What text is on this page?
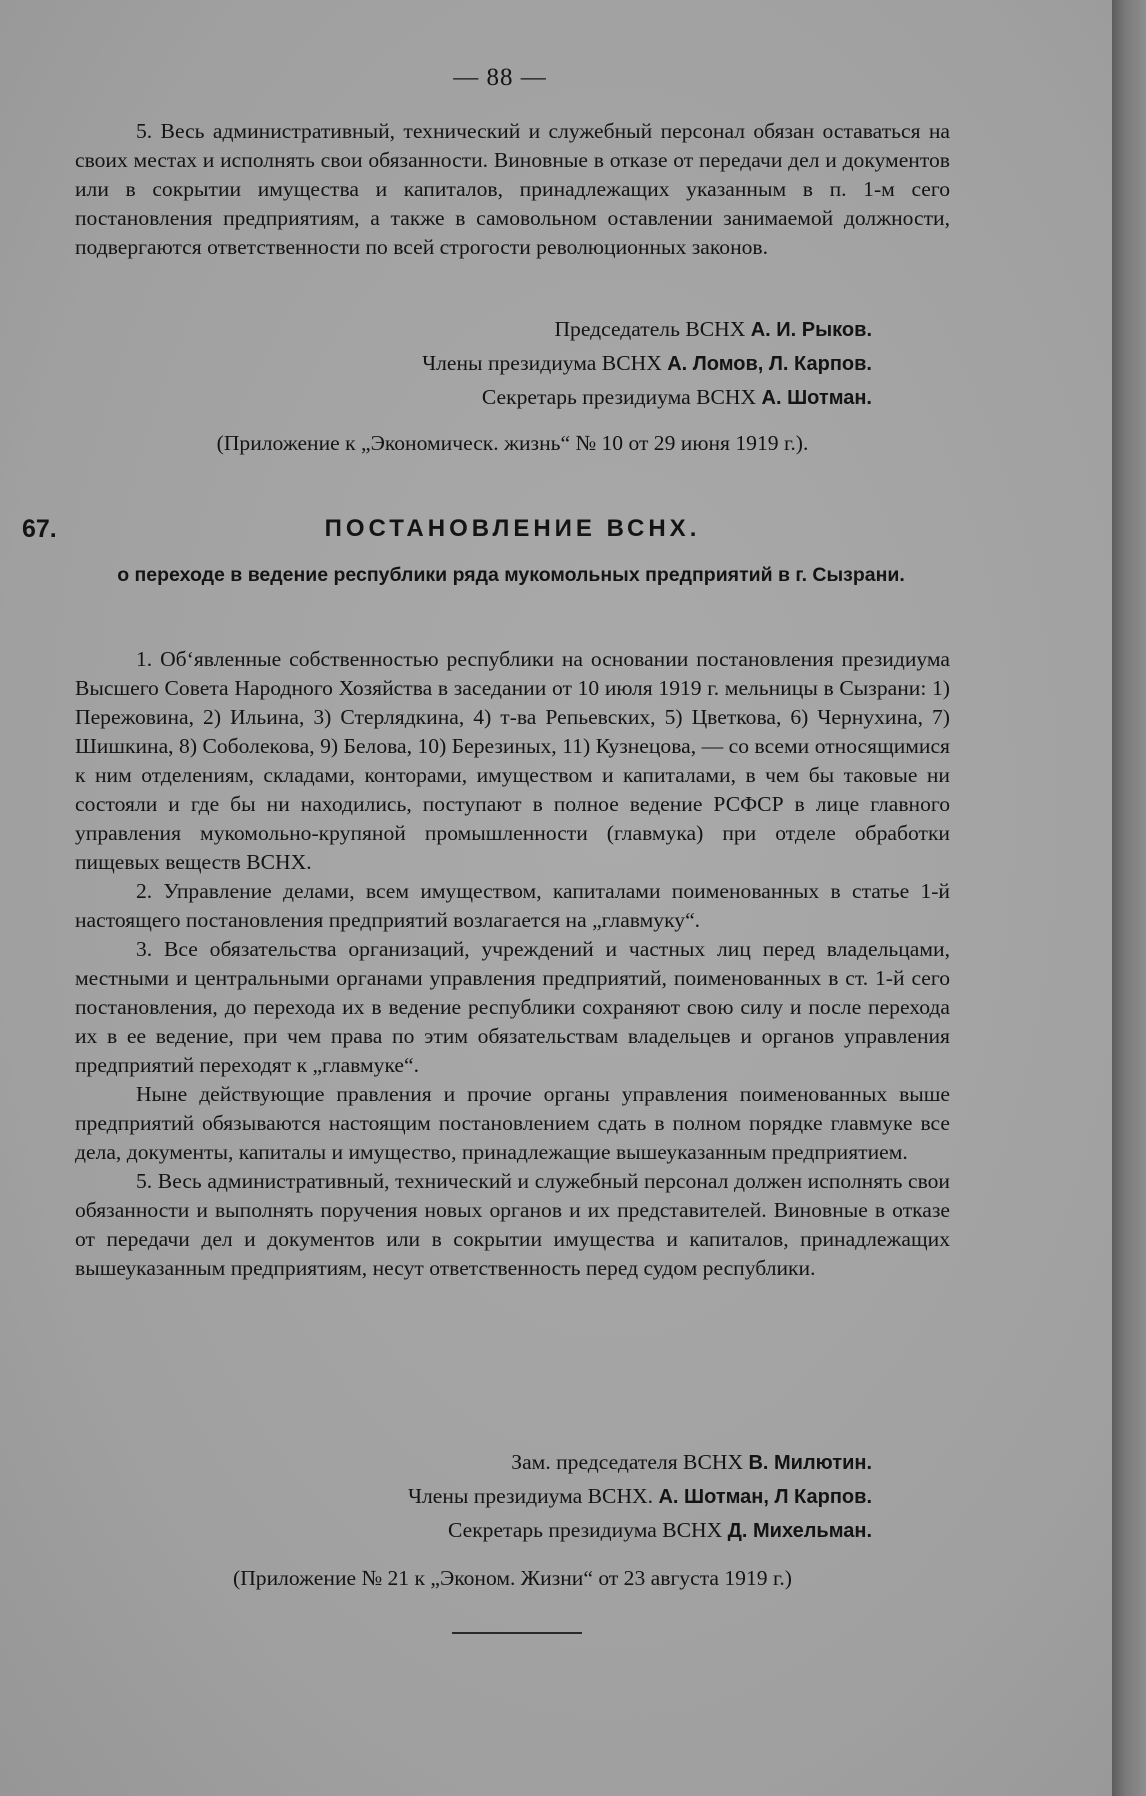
— 88 —

5. Весь административный, технический и служебный персонал обязан оставаться на своих местах и исполнять свои обязанности. Виновные в отказе от передачи дел и документов или в сокрытии имущества и капиталов, принадлежащих указанным в п. 1-м сего постановления предприятиям, а также в самовольном оставлении занимаемой должности, подвергаются ответственности по всей строгости революционных законов.

Председатель ВСНХ А. И. Рыков.

Члены президиума ВСНХ А. Ломов, Л. Карпов.

Секретарь президиума ВСНХ А. Шотман.

(Приложение к „Экономическ. жизнь“ № 10 от 29 июня 1919 г.).

67.	ПОСТАНОВЛЕНИЕ ВСНХ.
о переходе в ведение республики ряда мукомольных предприятий в г. Сызрани.

1. Об‘явленные собственностью республики на основании постановления президиума Высшего Совета Народного Хозяйства в заседании от 10 июля 1919 г. мельницы в Сызрани: 1) Пережовина, 2) Ильина, 3) Стерлядкина, 4) т-ва Репьевских, 5) Цветкова, 6) Чернухина, 7) Шишкина, 8) Соболекова, 9) Белова, 10) Березиных, 11) Кузнецова, — со всеми относящимися к ним отделениям, складами, конторами, имуществом и капиталами, в чем бы таковые ни состояли и где бы ни находились, поступают в полное ведение РСФСР в лице главного управления мукомольно-крупяной промышленности (главмука) при отделе обработки пищевых веществ ВСНХ.

2. Управление делами, всем имуществом, капиталами поименованных в статье 1-й настоящего постановления предприятий возлагается на „главмуку“.

3. Все обязательства организаций, учреждений и частных лиц перед владельцами, местными и центральными органами управления предприятий, поименованных в ст. 1-й сего постановления, до перехода их в ведение республики сохраняют свою силу и после перехода их в ее ведение, при чем права по этим обязательствам владельцев и органов управления предприятий переходят к „главмуке“.

Ныне действующие правления и прочие органы управления поименованных выше предприятий обязываются настоящим постановлением сдать в полном порядке главмуке все дела, документы, капиталы и имущество, принадлежащие вышеуказанным предприятием.

5. Весь административный, технический и служебный персонал должен исполнять свои обязанности и выполнять поручения новых органов и их представителей. Виновные в отказе от передачи дел и документов или в сокрытии имущества и капиталов, принадлежащих вышеуказанным предприятиям, несут ответственность перед судом республики.

Зам. председателя ВСНХ В. Милютин.

Члены президиума ВСНХ. А. Шотман, Л Карпов.

Секретарь президиума ВСНХ Д. Михельман.

(Приложение № 21 к „Эконом. Жизни“ от 23 августа 1919 г.)
